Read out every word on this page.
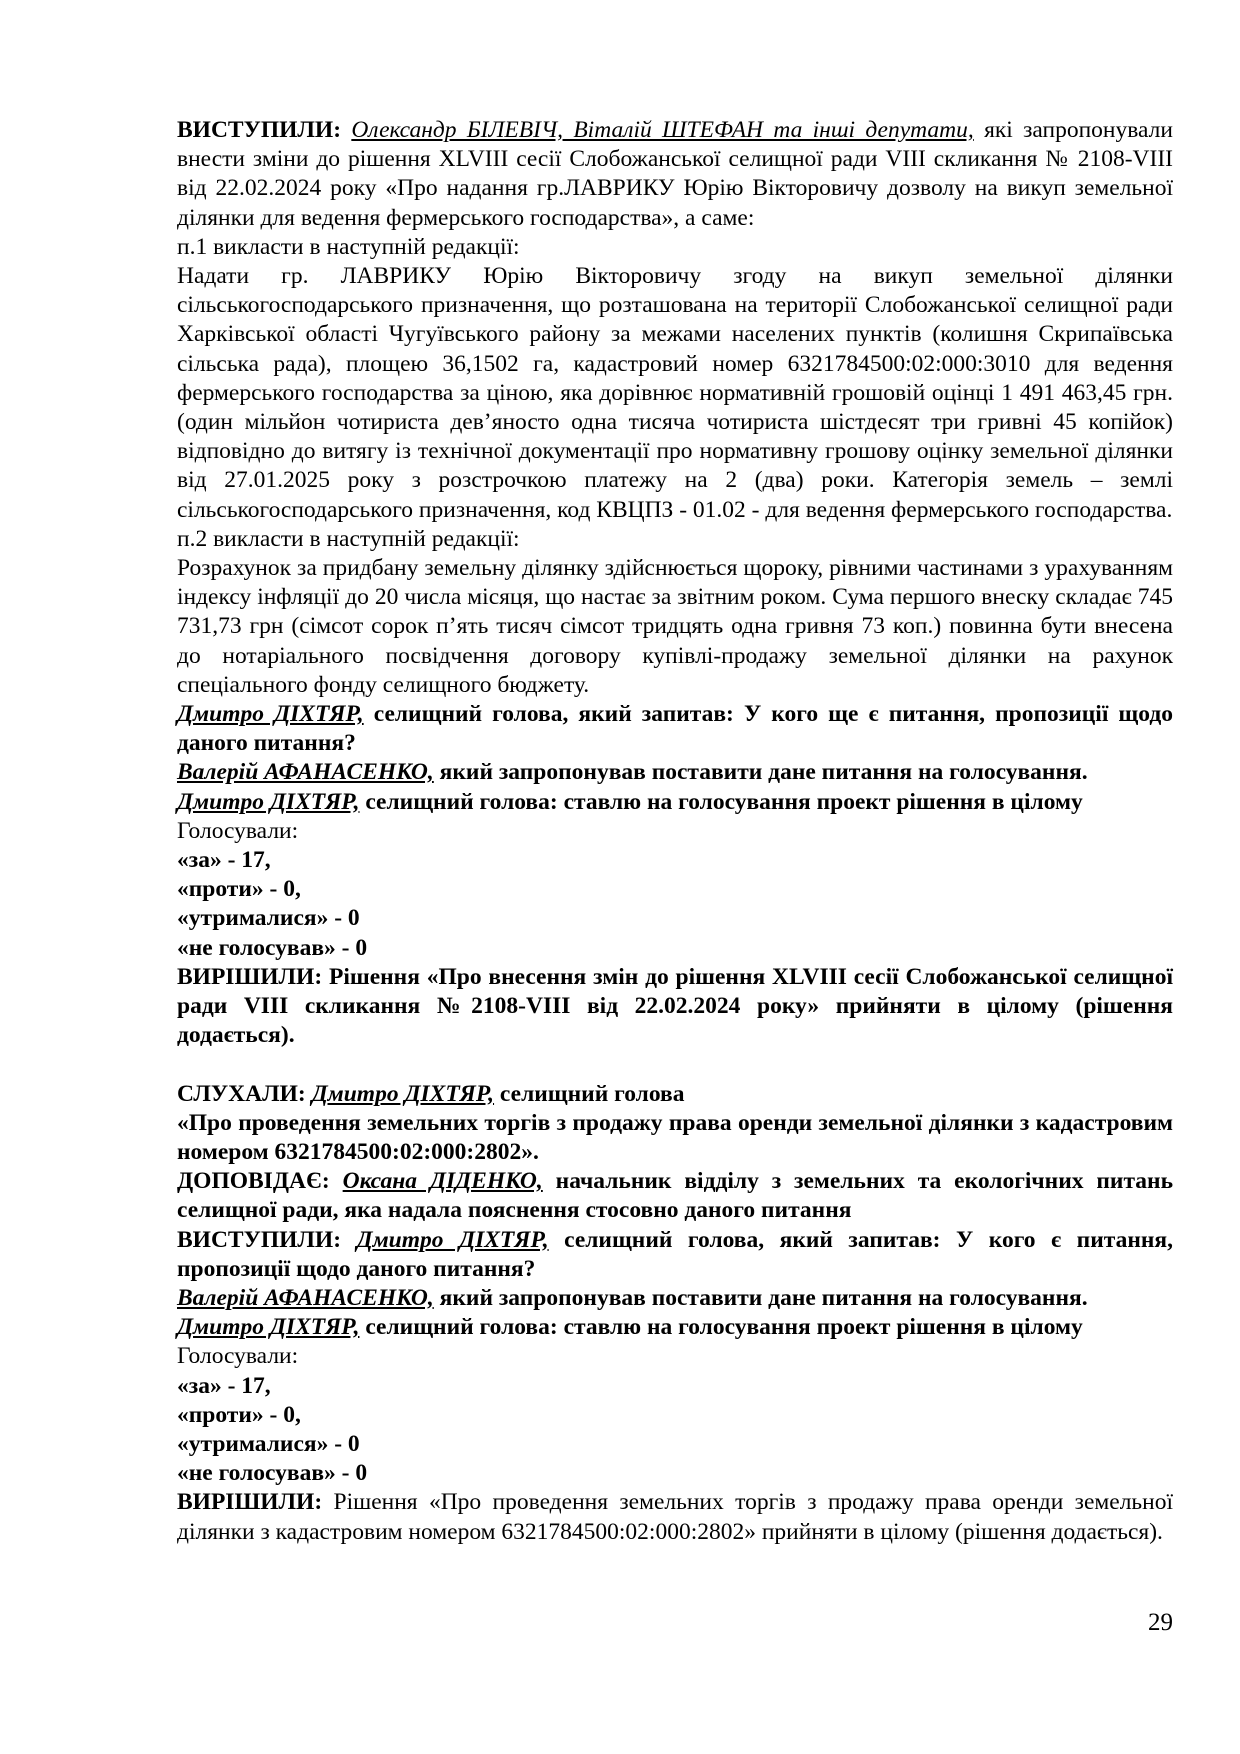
ВИСТУПИЛИ: Олександр БІЛЕВІЧ, Віталій ШТЕФАН та інші депутати, які запропонували внести зміни до рішення XLVIII сесії Слобожанської селищної ради VIII скликання № 2108-VIII від 22.02.2024 року «Про надання гр.ЛАВРИКУ Юрію Вікторовичу дозволу на викуп земельної ділянки для ведення фермерського господарства», а саме:
п.1 викласти в наступній редакції:
Надати гр. ЛАВРИКУ Юрію Вікторовичу згоду на викуп земельної ділянки сільськогосподарського призначення, що розташована на території Слобожанської селищної ради Харківської області Чугуївського району за межами населених пунктів (колишня Скрипаївська сільська рада), площею 36,1502 га, кадастровий номер 6321784500:02:000:3010 для ведення фермерського господарства за ціною, яка дорівнює нормативній грошовій оцінці 1 491 463,45 грн. (один мільйон чотириста дев’яносто одна тисяча чотириста шістдесят три гривні 45 копійок) відповідно до витягу із технічної документації про нормативну грошову оцінку земельної ділянки від 27.01.2025 року з розстрочкою платежу на 2 (два) роки. Категорія земель – землі сільськогосподарського призначення, код КВЦПЗ - 01.02 - для ведення фермерського господарства.
п.2 викласти в наступній редакції:
Розрахунок за придбану земельну ділянку здійснюється щороку, рівними частинами з урахуванням індексу інфляції до 20 числа місяця, що настає за звітним роком. Сума першого внеску складає 745 731,73 грн (сімсот сорок п’ять тисяч сімсот тридцять одна гривня 73 коп.) повинна бути внесена до нотаріального посвідчення договору купівлі-продажу земельної ділянки на рахунок спеціального фонду селищного бюджету.
Дмитро ДІХТЯР, селищний голова, який запитав: У кого ще є питання, пропозиції щодо даного питання?
Валерій АФАНАСЕНКО, який запропонував поставити дане питання на голосування.
Дмитро ДІХТЯР, селищний голова: ставлю на голосування проект рішення в цілому
Голосували:
«за» - 17,
«проти» - 0,
«утрималися» - 0
«не голосував» - 0
ВИРІШИЛИ: Рішення «Про внесення змін до рішення XLVIII сесії Слобожанської селищної ради VIII скликання №2108-VIII від 22.02.2024 року» прийняти в цілому (рішення додається).
СЛУХАЛИ: Дмитро ДІХТЯР, селищний голова
«Про проведення земельних торгів з продажу права оренди земельної ділянки з кадастровим номером 6321784500:02:000:2802».
ДОПОВІДАЄ: Оксана ДІДЕНКО, начальник відділу з земельних та екологічних питань селищної ради, яка надала пояснення стосовно даного питання
ВИСТУПИЛИ: Дмитро ДІХТЯР, селищний голова, який запитав: У кого є питання, пропозиції щодо даного питання?
Валерій АФАНАСЕНКО, який запропонував поставити дане питання на голосування.
Дмитро ДІХТЯР, селищний голова: ставлю на голосування проект рішення в цілому
Голосували:
«за» - 17,
«проти» - 0,
«утрималися» - 0
«не голосував» - 0
ВИРІШИЛИ: Рішення «Про проведення земельних торгів з продажу права оренди земельної ділянки з кадастровим номером 6321784500:02:000:2802» прийняти в цілому (рішення додається).
29
